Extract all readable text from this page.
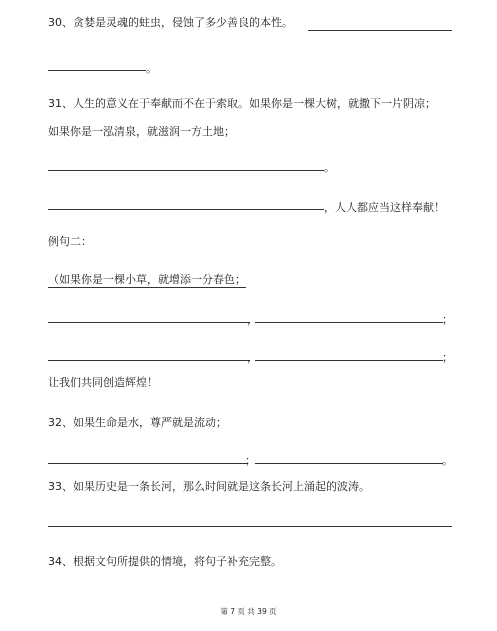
30、贪婪是灵魂的蛀虫，侵蚀了多少善良的本性。
。
31、人生的意义在于奉献而不在于索取。如果你是一棵大树，就撒下一片阴凉；
如果你是一泓清泉，就滋润一方土地；
。
，人人都应当这样奉献！
例句二：
（如果你是一棵小草，就增添一分春色；
，	；
，	；
让我们共同创造辉煌！
32、如果生命是水，尊严就是流动；
；	。
33、如果历史是一条长河，那么时间就是这条长河上涌起的波涛。
34、根据文句所提供的情境，将句子补充完整。
第 7 页 共 39 页
